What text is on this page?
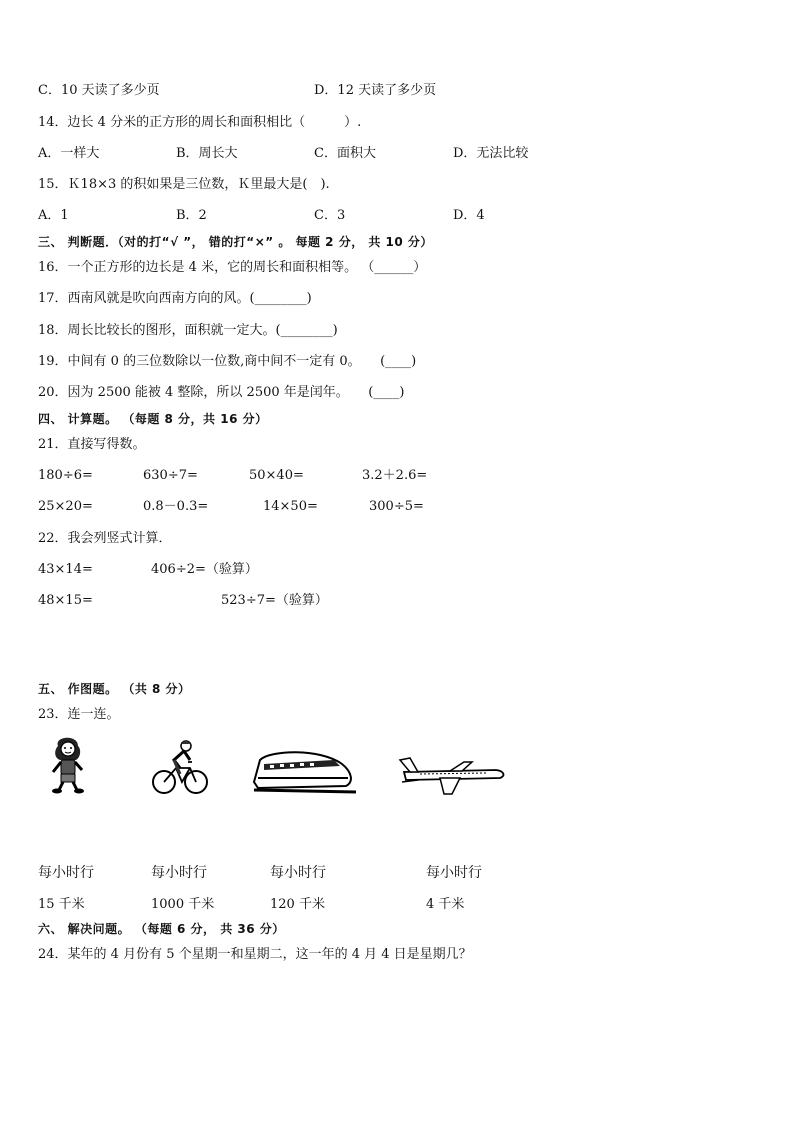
C．10 天读了多少页	D．12 天读了多少页
14．边长 4 分米的正方形的周长和面积相比（　　　）.
A．一样大	B．周长大	C．面积大	D．无法比较
15．Ｋ18×3 的积如果是三位数，Ｋ里最大是(　).
A．1	B．2	C．3	D．4
三、 判断题．（对的打“√ ”， 错的打“×” 。 每题 2 分， 共 10 分）
16．一个正方形的边长是 4 米，它的周长和面积相等。 （______）
17．西南风就是吹向西南方向的风。(________)
18．周长比较长的图形，面积就一定大。(________)
19．中间有 0 的三位数除以一位数,商中间不一定有 0。　　(____)
20．因为 2500 能被 4 整除，所以 2500 年是闰年。　　(____)
四、 计算题。 （每题 8 分，共 16 分）
21．直接写得数。
180÷6=	630÷7=	50×40=	3.2＋2.6=
25×20=	0.8－0.3=	14×50=	300÷5=
22．我会列竖式计算．
43×14=	406÷2=（验算）
48×15=	523÷7=（验算）
五、 作图题。 （共 8 分）
23．连一连。
每小时行	每小时行	每小时行	每小时行
15 千米	1000 千米	120 千米	4 千米
六、 解决问题。 （每题 6 分， 共 36 分）
24．某年的 4 月份有 5 个星期一和星期二，这一年的 4 月 4 日是星期几？
